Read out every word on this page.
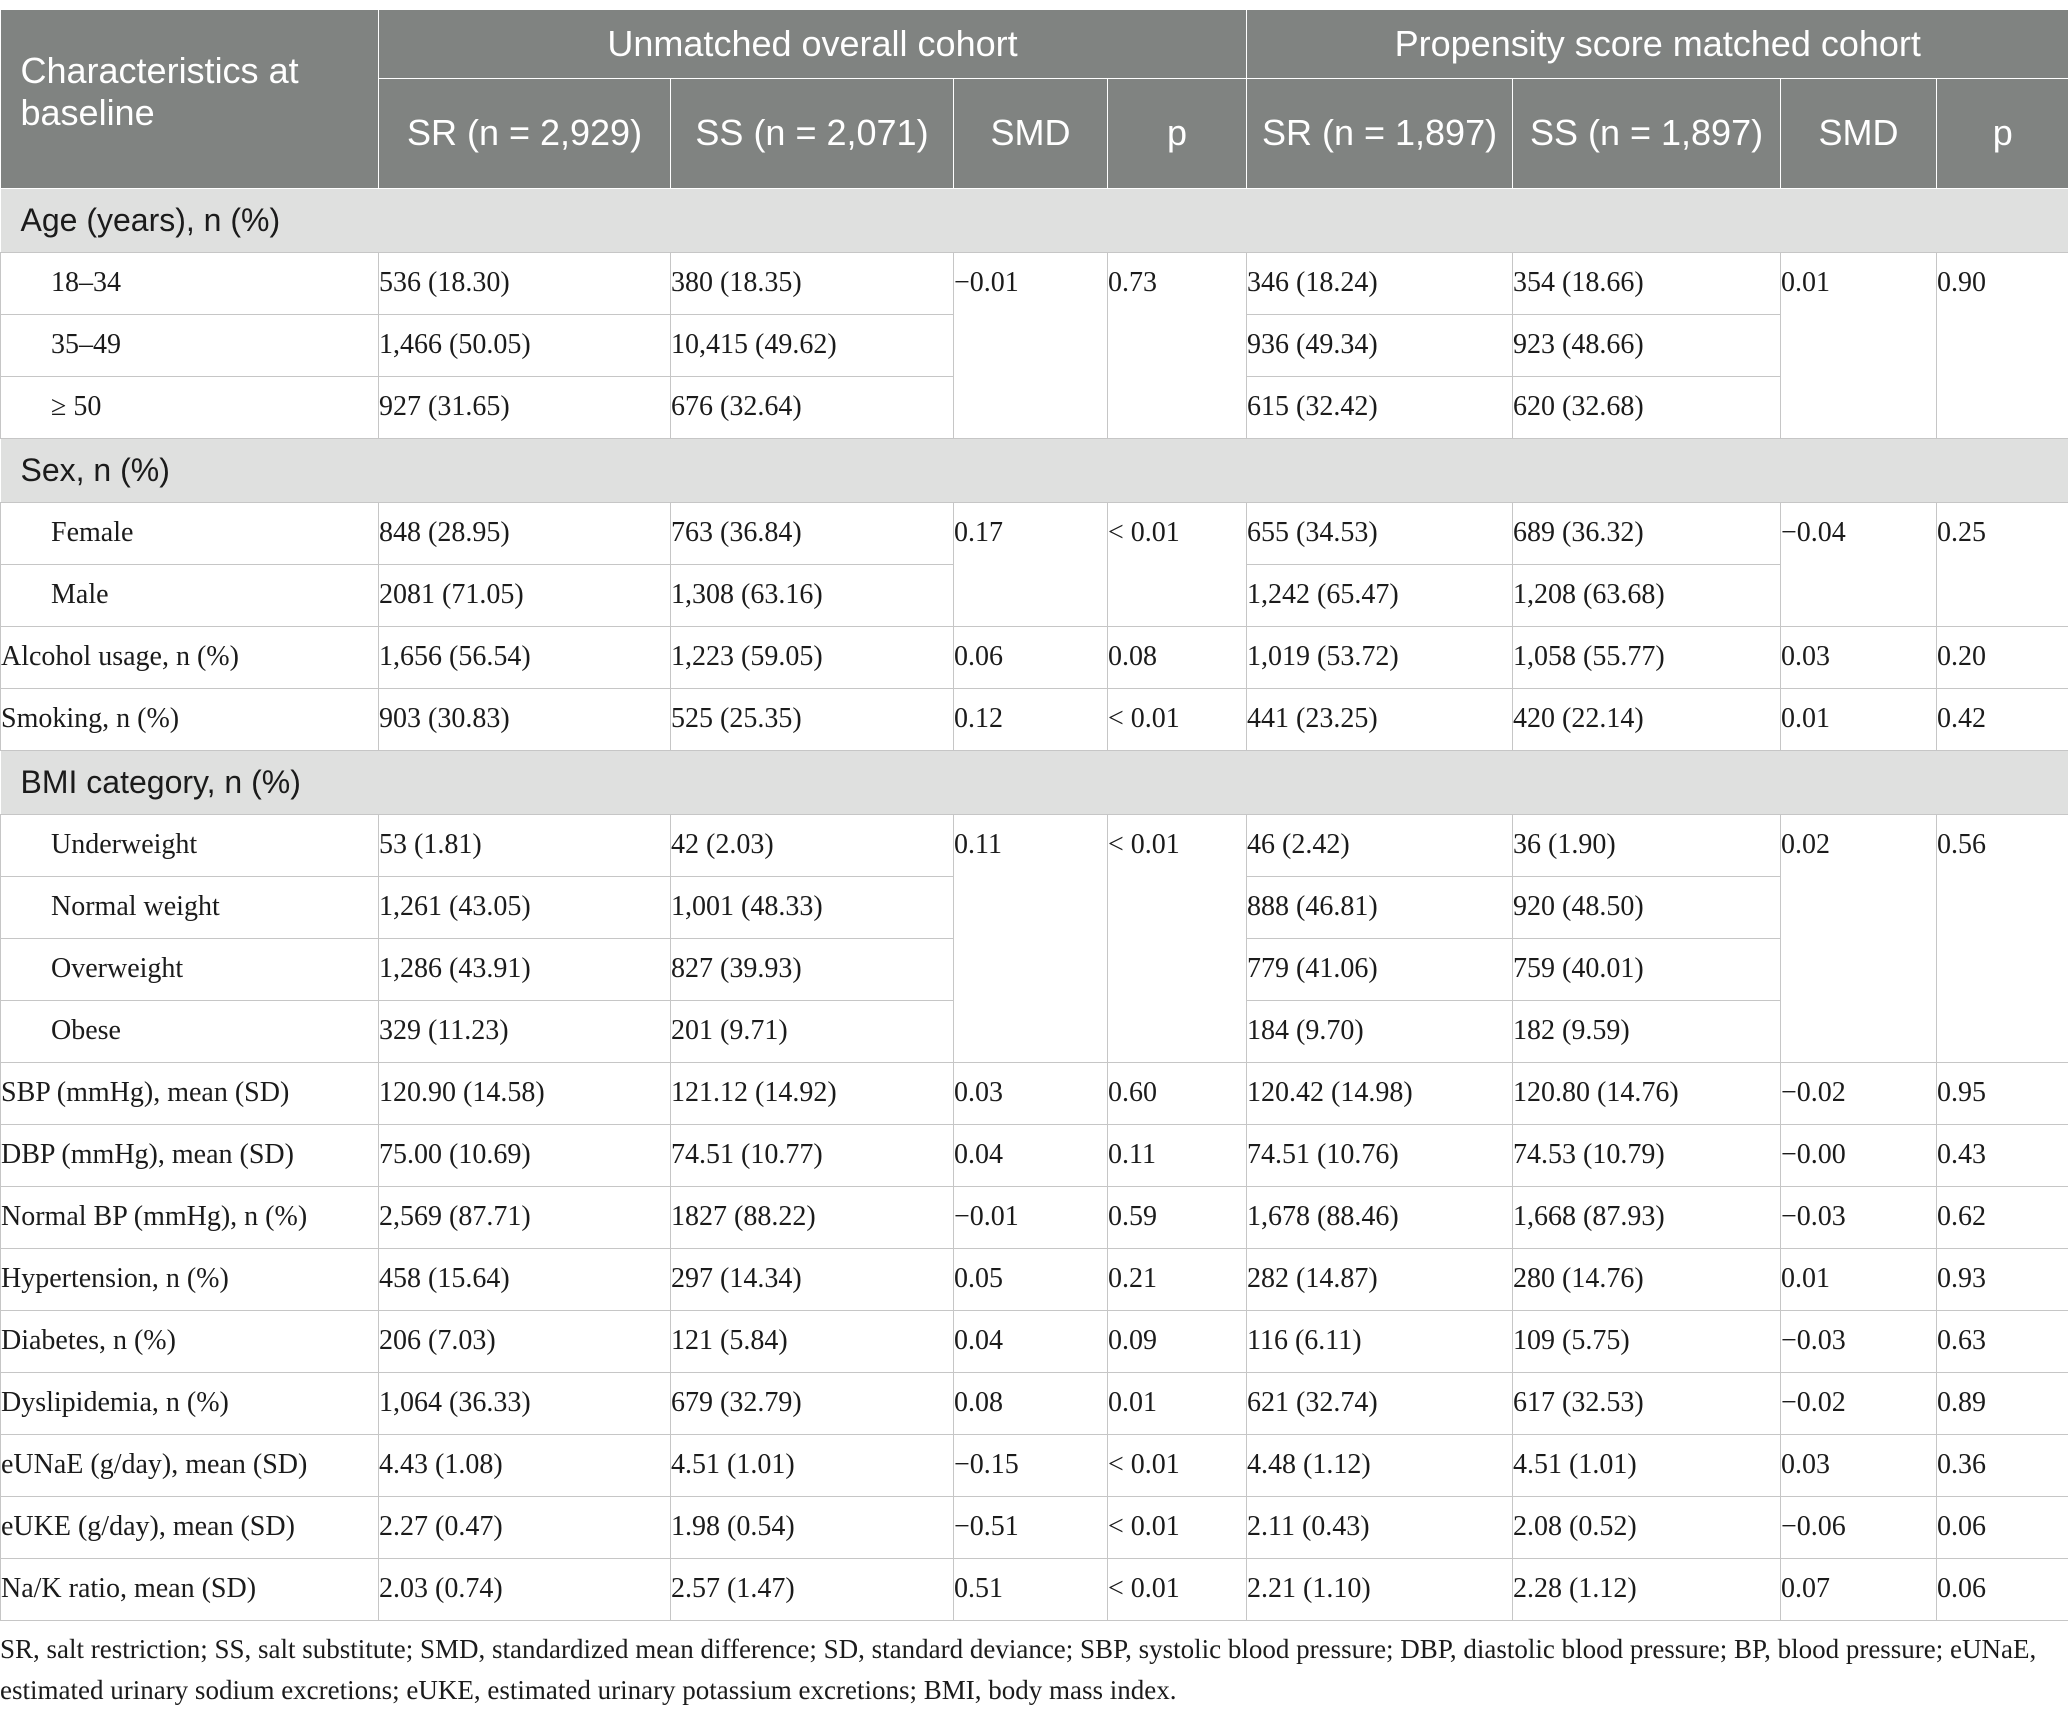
Characteristics at baseline	Unmatched overall cohort				Propensity score matched cohort			
	SR (n = 2,929)	SS (n = 2,071)	SMD	p	SR (n = 1,897)	SS (n = 1,897)	SMD	p
Age (years), n (%)								
18–34	536 (18.30)	380 (18.35)	−0.01	0.73	346 (18.24)	354 (18.66)	0.01	0.90
35–49	1,466 (50.05)	10,415 (49.62)			936 (49.34)	923 (48.66)		
≥ 50	927 (31.65)	676 (32.64)			615 (32.42)	620 (32.68)		
Sex, n (%)								
Female	848 (28.95)	763 (36.84)	0.17	< 0.01	655 (34.53)	689 (36.32)	−0.04	0.25
Male	2081 (71.05)	1,308 (63.16)			1,242 (65.47)	1,208 (63.68)		
Alcohol usage, n (%)	1,656 (56.54)	1,223 (59.05)	0.06	0.08	1,019 (53.72)	1,058 (55.77)	0.03	0.20
Smoking, n (%)	903 (30.83)	525 (25.35)	0.12	< 0.01	441 (23.25)	420 (22.14)	0.01	0.42
BMI category, n (%)								
Underweight	53 (1.81)	42 (2.03)	0.11	< 0.01	46 (2.42)	36 (1.90)	0.02	0.56
Normal weight	1,261 (43.05)	1,001 (48.33)			888 (46.81)	920 (48.50)		
Overweight	1,286 (43.91)	827 (39.93)			779 (41.06)	759 (40.01)		
Obese	329 (11.23)	201 (9.71)			184 (9.70)	182 (9.59)		
SBP (mmHg), mean (SD)	120.90 (14.58)	121.12 (14.92)	0.03	0.60	120.42 (14.98)	120.80 (14.76)	−0.02	0.95
DBP (mmHg), mean (SD)	75.00 (10.69)	74.51 (10.77)	0.04	0.11	74.51 (10.76)	74.53 (10.79)	−0.00	0.43
Normal BP (mmHg), n (%)	2,569 (87.71)	1827 (88.22)	−0.01	0.59	1,678 (88.46)	1,668 (87.93)	−0.03	0.62
Hypertension, n (%)	458 (15.64)	297 (14.34)	0.05	0.21	282 (14.87)	280 (14.76)	0.01	0.93
Diabetes, n (%)	206 (7.03)	121 (5.84)	0.04	0.09	116 (6.11)	109 (5.75)	−0.03	0.63
Dyslipidemia, n (%)	1,064 (36.33)	679 (32.79)	0.08	0.01	621 (32.74)	617 (32.53)	−0.02	0.89
eUNaE (g/day), mean (SD)	4.43 (1.08)	4.51 (1.01)	−0.15	< 0.01	4.48 (1.12)	4.51 (1.01)	0.03	0.36
eUKE (g/day), mean (SD)	2.27 (0.47)	1.98 (0.54)	−0.51	< 0.01	2.11 (0.43)	2.08 (0.52)	−0.06	0.06
Na/K ratio, mean (SD)	2.03 (0.74)	2.57 (1.47)	0.51	< 0.01	2.21 (1.10)	2.28 (1.12)	0.07	0.06

SR, salt restriction; SS, salt substitute; SMD, standardized mean difference; SD, standard deviance; SBP, systolic blood pressure; DBP, diastolic blood pressure; BP, blood pressure; eUNaE, estimated urinary sodium excretions; eUKE, estimated urinary potassium excretions; BMI, body mass index.
